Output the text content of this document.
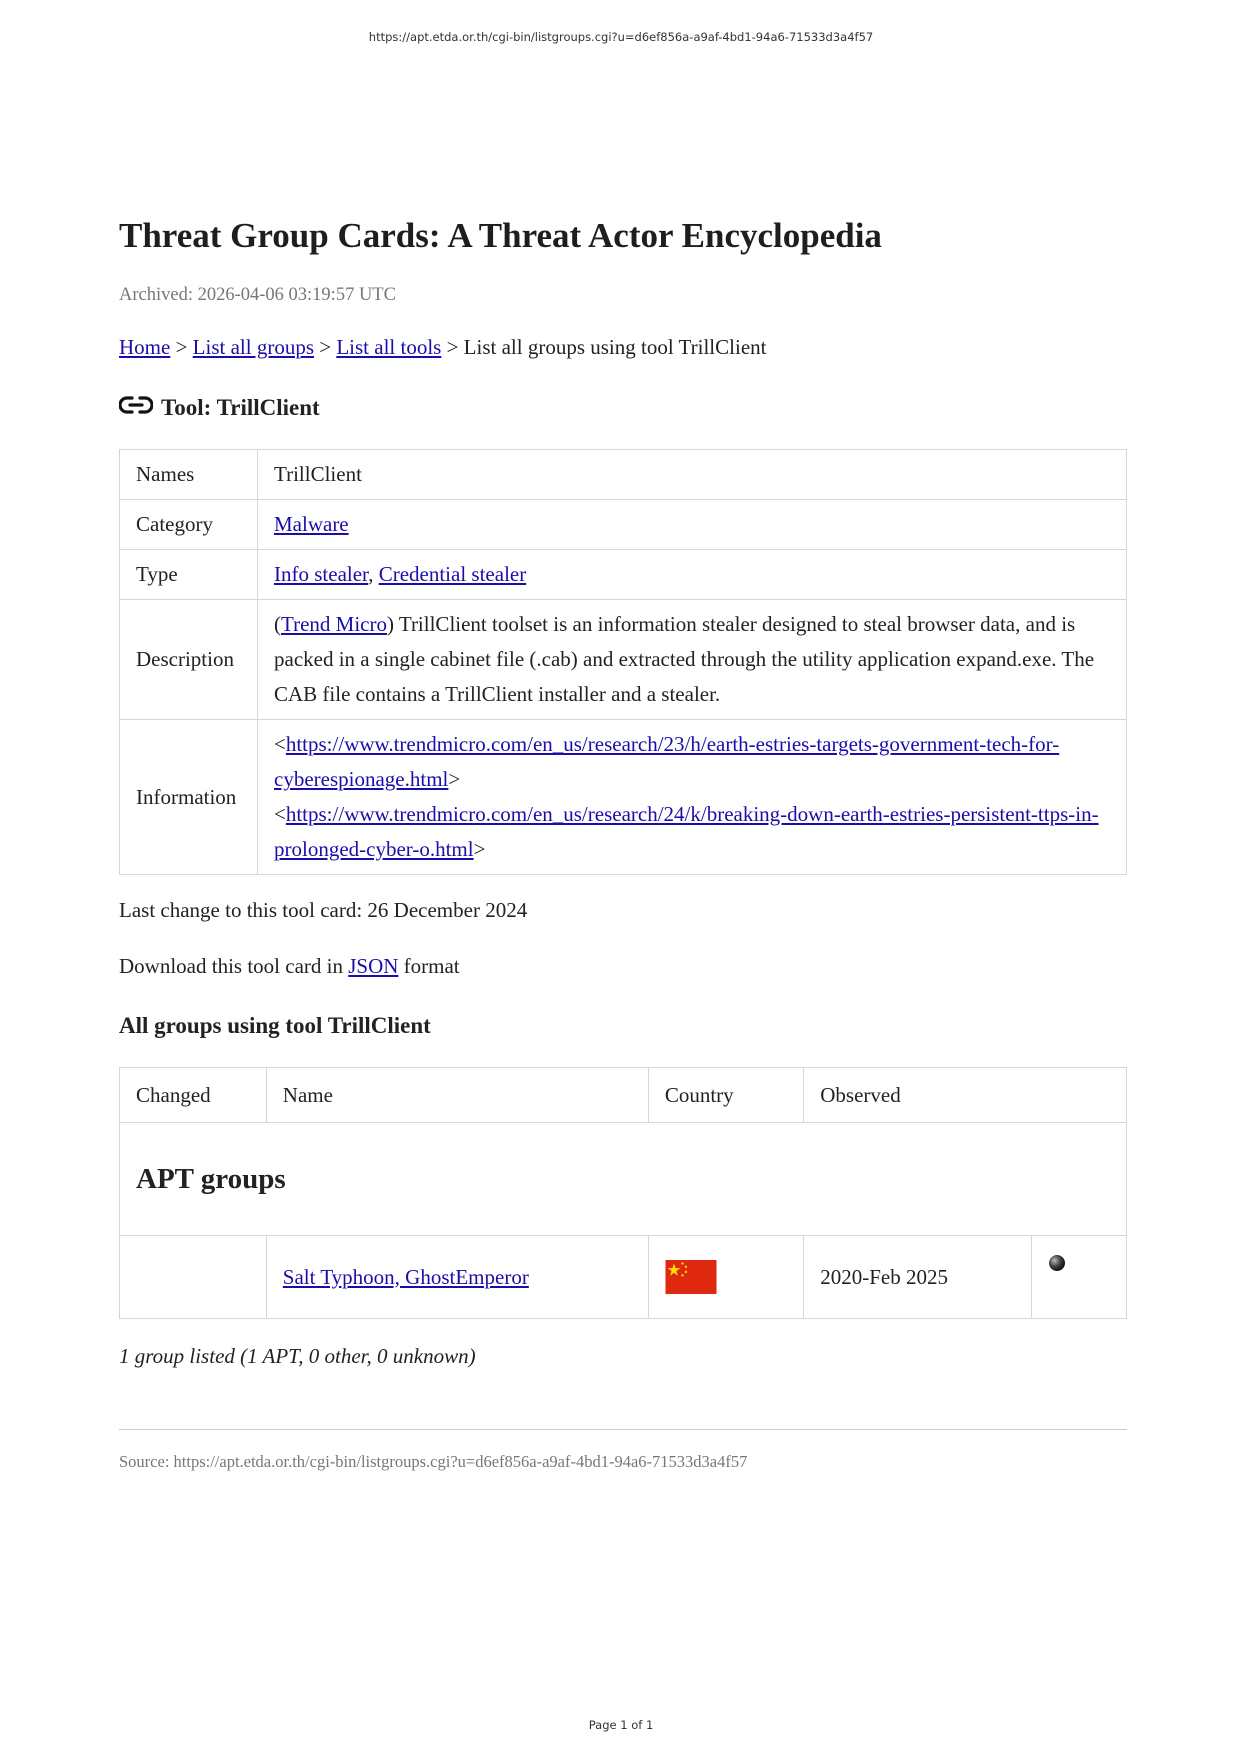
https://apt.etda.or.th/cgi-bin/listgroups.cgi?u=d6ef856a-a9af-4bd1-94a6-71533d3a4f57
Threat Group Cards: A Threat Actor Encyclopedia
Archived: 2026-04-06 03:19:57 UTC
Home > List all groups > List all tools > List all groups using tool TrillClient
Tool: TrillClient
Names	TrillClient
Category	Malware
Type	Info stealer, Credential stealer
Description	(Trend Micro) TrillClient toolset is an information stealer designed to steal browser data, and is packed in a single cabinet file (.cab) and extracted through the utility application expand.exe. The CAB file contains a TrillClient installer and a stealer.
Information	<https://www.trendmicro.com/en_us/research/23/h/earth-estries-targets-government-tech-for-cyberespionage.html>
<https://www.trendmicro.com/en_us/research/24/k/breaking-down-earth-estries-persistent-ttps-in-prolonged-cyber-o.html>
Last change to this tool card: 26 December 2024
Download this tool card in JSON format
All groups using tool TrillClient
Changed	Name	Country	Observed	
APT groups				
	Salt Typhoon, GhostEmperor		2020-Feb 2025	
1 group listed (1 APT, 0 other, 0 unknown)
Source: https://apt.etda.or.th/cgi-bin/listgroups.cgi?u=d6ef856a-a9af-4bd1-94a6-71533d3a4f57
Page 1 of 1
